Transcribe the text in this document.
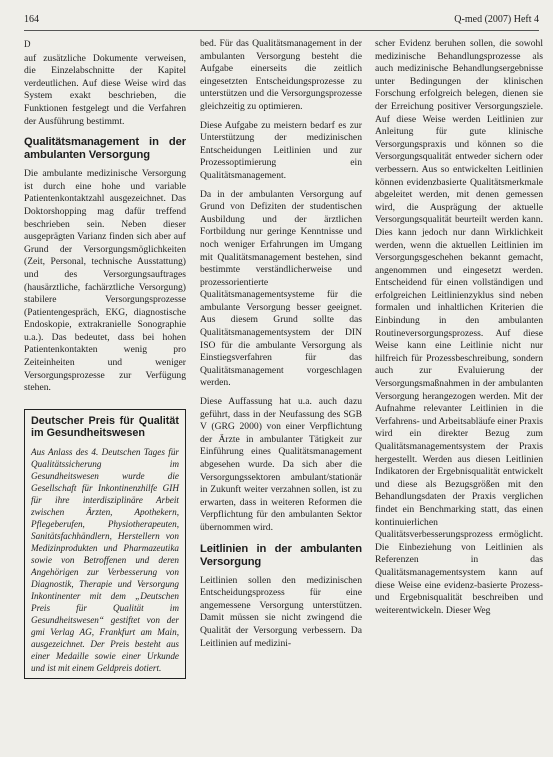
164	Q-med (2007) Heft 4
D

auf zusätzliche Dokumente verweisen, die Einzelabschnitte der Kapitel verdeutlichen. Auf diese Weise wird das System exakt beschrieben, die Funktionen festgelegt und die Verfahren der Ausführung bestimmt.

Qualitätsmanagement in der ambulanten Versorgung

Die ambulante medizinische Versorgung ist durch eine hohe und variable Patientenkontaktzahl ausgezeichnet. Das Doktorshopping mag dafür treffend beschrieben sein. Neben dieser ausgeprägten Varianz finden sich aber auf Grund der Versorgungsmöglichkeiten (Zeit, Personal, technische Ausstattung) und des Versorgungsauftrages (hausärztliche, fachärztliche Versorgung) stabilere Versorgungsprozesse (Patientengespräch, EKG, diagnostische Endoskopie, extrakranielle Sonographie u.a.). Das bedeutet, dass bei hohen Patientenkontakten wenig pro Zeiteinheiten und weniger Versorgungsprozesse zur Verfügung stehen.

Deutscher Preis für Qualität im Gesundheitswesen

Aus Anlass des 4. Deutschen Tages für Qualitätssicherung im Gesundheitswesen wurde die Gesellschaft für Inkontinenzhilfe GIH für ihre interdisziplinäre Arbeit zwischen Ärzten, Apothekern, Pflegeberufen, Physiotherapeuten, Sanitätsfachhändlern, Herstellern von Medizinprodukten und Pharmazeutika sowie von Betroffenen und deren Angehörigen zur Verbesserung von Diagnostik, Therapie und Versorgung Inkontinenter mit dem „Deutschen Preis für Qualität im Gesundheitswesen“ gestiftet von der gmi Verlag AG, Frankfurt am Main, ausgezeichnet. Der Preis besteht aus einer Medaille sowie einer Urkunde und ist mit einem Geldpreis dotiert.

bed. Für das Qualitätsmanagement in der ambulanten Versorgung besteht die Aufgabe einerseits die zeitlich eingesetzten Entscheidungsprozesse zu unterstützen und die Versorgungsprozesse gleichzeitig zu optimieren.

Diese Aufgabe zu meistern bedarf es zur Unterstützung der medizinischen Entscheidungen Leitlinien und zur Prozessoptimierung ein Qualitätsmanagement.

Da in der ambulanten Versorgung auf Grund von Defiziten der studentischen Ausbildung und der ärztlichen Fortbildung nur geringe Kenntnisse und noch weniger Erfahrungen im Umgang mit Qualitätsmanagement bestehen, sind bestimmte verständlicherweise und prozessorientierte Qualitätsmanagementsysteme für die ambulante Versorgung besser geeignet. Aus diesem Grund sollte das Qualitätsmanagementsystem der DIN ISO für die ambulante Versorgung als Einstiegsverfahren für das Qualitätsmanagement vorgeschlagen werden.

Diese Auffassung hat u.a. auch dazu geführt, dass in der Neufassung des SGB V (GRG 2000) von einer Verpflichtung der Ärzte in ambulanter Tätigkeit zur Einführung eines Qualitätsmanagement abgesehen wurde. Da sich aber die Versorgungssektoren ambulant/stationär in Zukunft weiter verzahnen sollen, ist zu erwarten, dass in weiteren Reformen die Verpflichtung für den ambulanten Sektor übernommen wird.

Leitlinien in der ambulanten Versorgung

Leitlinien sollen den medizinischen Entscheidungsprozess für eine angemessene Versorgung unterstützen. Damit müssen sie nicht zwingend die Qualität der Versorgung verbessern. Da Leitlinien auf medizini-

scher Evidenz beruhen sollen, die sowohl medizinische Behandlungsprozesse als auch medizinische Behandlungsergebnisse unter Bedingungen der klinischen Forschung erfolgreich belegen, dienen sie der Erreichung positiver Versorgungsziele. Auf diese Weise werden Leitlinien zur Anleitung für gute klinische Versorgungspraxis und können so die Versorgungsqualität entweder sichern oder verbessern. Aus so entwickelten Leitlinien können evidenzbasierte Qualitätsmerkmale abgeleitet werden, mit denen gemessen wird, die Ausprägung der aktuelle Versorgungsqualität beurteilt werden kann. Dies kann jedoch nur dann Wirklichkeit werden, wenn die aktuellen Leitlinien im Versorgungsgeschehen bekannt gemacht, angenommen und eingesetzt werden. Entscheidend für einen vollständigen und erfolgreichen Leitlinienzyklus sind neben formalen und inhaltlichen Kriterien die Einbindung in den ambulanten Routineversorgungsprozess. Auf diese Weise kann eine Leitlinie nicht nur hilfreich für Prozessbeschreibung, sondern auch zur Evaluierung der Versorgungsmaßnahmen in der ambulanten Versorgung herangezogen werden. Mit der Aufnahme relevanter Leitlinien in die Verfahrens- und Arbeitsabläufe einer Praxis wird ein direkter Bezug zum Qualitätsmanagementsystem der Praxis hergestellt. Werden aus diesen Leitlinien Indikatoren der Ergebnisqualität entwickelt und diese als Bezugsgrößen mit den Behandlungsdaten der Praxis verglichen findet ein Benchmarking statt, das einen kontinuierlichen Qualitätsverbesserungsprozess ermöglicht. Die Einbeziehung von Leitlinien als Referenzen in das Qualitätsmanagementsystem kann auf diese Weise eine evidenz-basierte Prozess- und Ergebnisqualität beschreiben und weiterentwickeln. Dieser Weg
